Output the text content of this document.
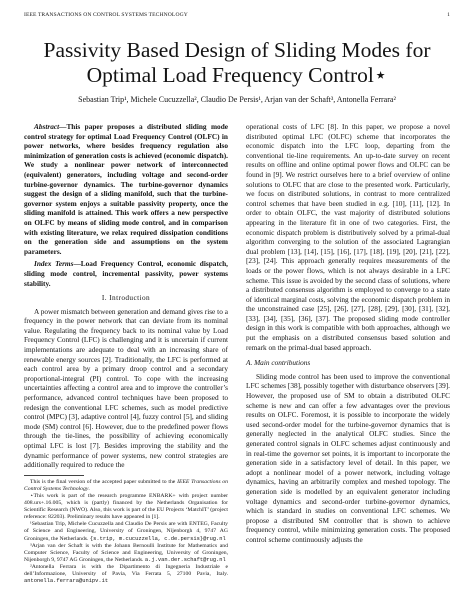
IEEE TRANSACTIONS ON CONTROL SYSTEMS TECHNOLOGY	1
Passivity Based Design of Sliding Modes for Optimal Load Frequency Control⋆
Sebastian Trip¹, Michele Cucuzzella², Claudio De Persis¹, Arjan van der Schaft³, Antonella Ferrara²

Abstract—This paper proposes a distributed sliding mode control strategy for optimal Load Frequency Control (OLFC) in power networks, where besides frequency regulation also minimization of generation costs is achieved (economic dispatch). We study a nonlinear power network of interconnected (equivalent) generators, including voltage and second-order turbine-governor dynamics. The turbine-governor dynamics suggest the design of a sliding manifold, such that the turbine-governor system enjoys a suitable passivity property, once the sliding manifold is attained. This work offers a new perspective on OLFC by means of sliding mode control, and in comparison with existing literature, we relax required dissipation conditions on the generation side and assumptions on the system parameters.

Index Terms—Load Frequency Control, economic dispatch, sliding mode control, incremental passivity, power systems stability.

I. Introduction

A power mismatch between generation and demand gives rise to a frequency in the power network that can deviate from its nominal value. Regulating the frequency back to its nominal value by Load Frequency Control (LFC) is challenging and it is uncertain if current implementations are adequate to deal with an increasing share of renewable energy sources [2]. Traditionally, the LFC is performed at each control area by a primary droop control and a secondary proportional-integral (PI) control. To cope with the increasing uncertainties affecting a control area and to improve the controller’s performance, advanced control techniques have been proposed to redesign the conventional LFC schemes, such as model predictive control (MPC) [3], adaptive control [4], fuzzy control [5], and sliding mode (SM) control [6]. However, due to the predefined power flows through the tie-lines, the possibility of achieving economically optimal LFC is lost [7]. Besides improving the stability and the dynamic performance of power systems, new control strategies are additionally required to reduce the

This is the final version of the accepted paper submitted to the IEEE Transactions on Control Systems Technology.

⋆This work is part of the research programme ENBARK+ with project number 408.urs+.16.005, which is (partly) financed by the Netherlands Organisation for Scientific Research (NWO). Also, this work is part of the EU Projects ‘MatchIT’ (project reference: 82203). Preliminary results have appeared in [1].

¹Sebastian Trip, Michele Cucuzzella and Claudio De Persis are with ENTEG, Faculty of Science and Engineering, University of Groningen, Nijenborgh 4, 9747 AG Groningen, the Netherlands. {s.trip, m.cucuzzella, c.de.persis}@rug.nl

³Arjan van der Schaft is with the Johann Bernoulli Institute for Mathematics and Computer Science, Faculty of Science and Engineering, University of Groningen, Nijenborgh 9, 9747 AG Groningen, the Netherlands. a.j.van.der.schaft@rug.nl

²Antonella Ferrara is with the Dipartimento di Ingegneria Industriale e dell’Informazione, University of Pavia, Via Ferrata 5, 27100 Pavia, Italy. antonella.ferrara@unipv.it

operational costs of LFC [8]. In this paper, we propose a novel distributed optimal LFC (OLFC) scheme that incorporates the economic dispatch into the LFC loop, departing from the conventional tie-line requirements. An up-to-date survey on recent results on offline and online optimal power flows and OLFC can be found in [9]. We restrict ourselves here to a brief overview of online solutions to OLFC that are close to the presented work. Particularly, we focus on distributed solutions, in contrast to more centralized control schemes that have been studied in e.g. [10], [11], [12]. In order to obtain OLFC, the vast majority of distributed solutions appearing in the literature fit in one of two categories. First, the economic dispatch problem is distributively solved by a primal-dual algorithm converging to the solution of the associated Lagrangian dual problem [13], [14], [15], [16], [17], [18], [19], [20], [21], [22], [23], [24]. This approach generally requires measurements of the loads or the power flows, which is not always desirable in a LFC scheme. This issue is avoided by the second class of solutions, where a distributed consensus algorithm is employed to converge to a state of identical marginal costs, solving the economic dispatch problem in the unconstrained case [25], [26], [27], [28], [29], [30], [31], [32], [33], [34], [35], [36], [37]. The proposed sliding mode controller design in this work is compatible with both approaches, although we put the emphasis on a distributed consensus based solution and remark on the primal-dual based approach.

A. Main contributions

Sliding mode control has been used to improve the conventional LFC schemes [38], possibly together with disturbance observers [39]. However, the proposed use of SM to obtain a distributed OLFC scheme is new and can offer a few advantages over the previous results on OLFC. Foremost, it is possible to incorporate the widely used second-order model for the turbine-governor dynamics that is generally neglected in the analytical OLFC studies. Since the generated control signals in OLFC schemes adjust continuously and in real-time the governor set points, it is important to incorporate the generation side in a satisfactory level of detail. In this paper, we adopt a nonlinear model of a power network, including voltage dynamics, having an arbitrarily complex and meshed topology. The generation side is modelled by an equivalent generator including voltage dynamics and second-order turbine-governor dynamics, which is standard in studies on conventional LFC schemes. We propose a distributed SM controller that is shown to achieve frequency control, while minimizing generation costs. The proposed control scheme continuously adjusts the
